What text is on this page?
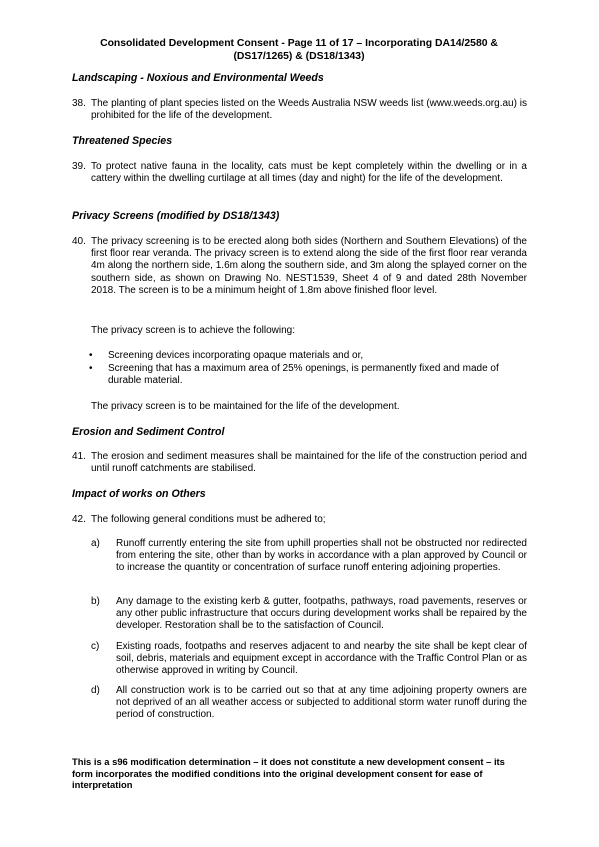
Consolidated Development Consent - Page 11 of 17 – Incorporating DA14/2580 &
(DS17/1265) & (DS18/1343)
Landscaping - Noxious and Environmental Weeds
38. The planting of plant species listed on the Weeds Australia NSW weeds list (www.weeds.org.au) is prohibited for the life of the development.
Threatened Species
39. To protect native fauna in the locality, cats must be kept completely within the dwelling or in a cattery within the dwelling curtilage at all times (day and night) for the life of the development.
Privacy Screens (modified by DS18/1343)
40. The privacy screening is to be erected along both sides (Northern and Southern Elevations) of the first floor rear veranda. The privacy screen is to extend along the side of the first floor rear veranda 4m along the northern side, 1.6m along the southern side, and 3m along the splayed corner on the southern side, as shown on Drawing No. NEST1539, Sheet 4 of 9 and dated 28th November 2018. The screen is to be a minimum height of 1.8m above finished floor level.
The privacy screen is to achieve the following:
• Screening devices incorporating opaque materials and or,
• Screening that has a maximum area of 25% openings, is permanently fixed and made of durable material.
The privacy screen is to be maintained for the life of the development.
Erosion and Sediment Control
41. The erosion and sediment measures shall be maintained for the life of the construction period and until runoff catchments are stabilised.
Impact of works on Others
42. The following general conditions must be adhered to;
a) Runoff currently entering the site from uphill properties shall not be obstructed nor redirected from entering the site, other than by works in accordance with a plan approved by Council or to increase the quantity or concentration of surface runoff entering adjoining properties.
b) Any damage to the existing kerb & gutter, footpaths, pathways, road pavements, reserves or any other public infrastructure that occurs during development works shall be repaired by the developer. Restoration shall be to the satisfaction of Council.
c) Existing roads, footpaths and reserves adjacent to and nearby the site shall be kept clear of soil, debris, materials and equipment except in accordance with the Traffic Control Plan or as otherwise approved in writing by Council.
d) All construction work is to be carried out so that at any time adjoining property owners are not deprived of an all weather access or subjected to additional storm water runoff during the period of construction.
This is a s96 modification determination – it does not constitute a new development consent – its form incorporates the modified conditions into the original development consent for ease of interpretation
